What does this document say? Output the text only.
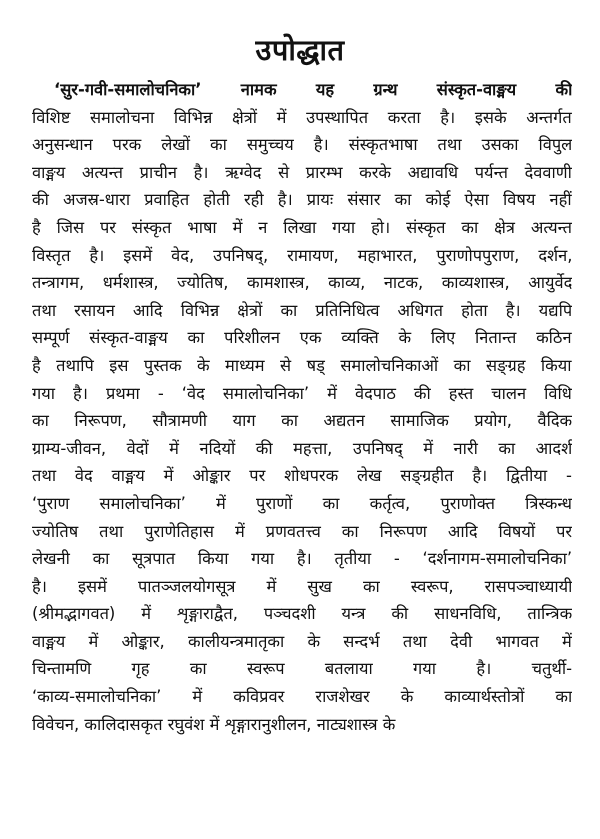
उपोद्धात
‘सुर-गवी-समालोचनिका’ नामक यह ग्रन्थ संस्कृत-वाङ्मय की
विशिष्ट समालोचना विभिन्न क्षेत्रों में उपस्थापित करता है। इसके अन्तर्गत
अनुसन्धान परक लेखों का समुच्चय है। संस्कृतभाषा तथा उसका विपुल
वाङ्मय अत्यन्त प्राचीन है। ऋग्वेद से प्रारम्भ करके अद्यावधि पर्यन्त देववाणी
की अजस्र-धारा प्रवाहित होती रही है। प्रायः संसार का कोई ऐसा विषय नहीं
है जिस पर संस्कृत भाषा में न लिखा गया हो। संस्कृत का क्षेत्र अत्यन्त
विस्तृत है। इसमें वेद, उपनिषद्, रामायण, महाभारत, पुराणोपपुराण, दर्शन,
तन्त्रागम, धर्मशास्त्र, ज्योतिष, कामशास्त्र, काव्य, नाटक, काव्यशास्त्र, आयुर्वेद
तथा रसायन आदि विभिन्न क्षेत्रों का प्रतिनिधित्व अधिगत होता है। यद्यपि
सम्पूर्ण संस्कृत-वाङ्मय का परिशीलन एक व्यक्ति के लिए नितान्त कठिन
है तथापि इस पुस्तक के माध्यम से षड् समालोचनिकाओं का सङ्ग्रह किया
गया है। प्रथमा - ‘वेद समालोचनिका’ में वेदपाठ की हस्त चालन विधि
का निरूपण, सौत्रामणी याग का अद्यतन सामाजिक प्रयोग, वैदिक
ग्राम्य-जीवन, वेदों में नदियों की महत्ता, उपनिषद् में नारी का आदर्श
तथा वेद वाङ्मय में ओङ्कार पर शोधपरक लेख सङ्ग्रहीत है। द्वितीया -
‘पुराण समालोचनिका’ में पुराणों का कर्तृत्व, पुराणोक्त त्रिस्कन्ध
ज्योतिष तथा पुराणेतिहास में प्रणवतत्त्व का निरूपण आदि विषयों पर
लेखनी का सूत्रपात किया गया है। तृतीया - ‘दर्शनागम-समालोचनिका’
है। इसमें पातञ्जलयोगसूत्र में सुख का स्वरूप, रासपञ्चाध्यायी
(श्रीमद्भागवत) में शृङ्गाराद्वैत, पञ्चदशी यन्त्र की साधनविधि, तान्त्रिक
वाङ्मय में ओङ्कार, कालीयन्त्रमातृका के सन्दर्भ तथा देवी भागवत में
चिन्तामणि गृह का स्वरूप बतलाया गया है। चतुर्थी-
‘काव्य-समालोचनिका’ में कविप्रवर राजशेखर के काव्यार्थस्तोत्रों का
विवेचन, कालिदासकृत रघुवंश में शृङ्गारानुशीलन, नाट्यशास्त्र के
